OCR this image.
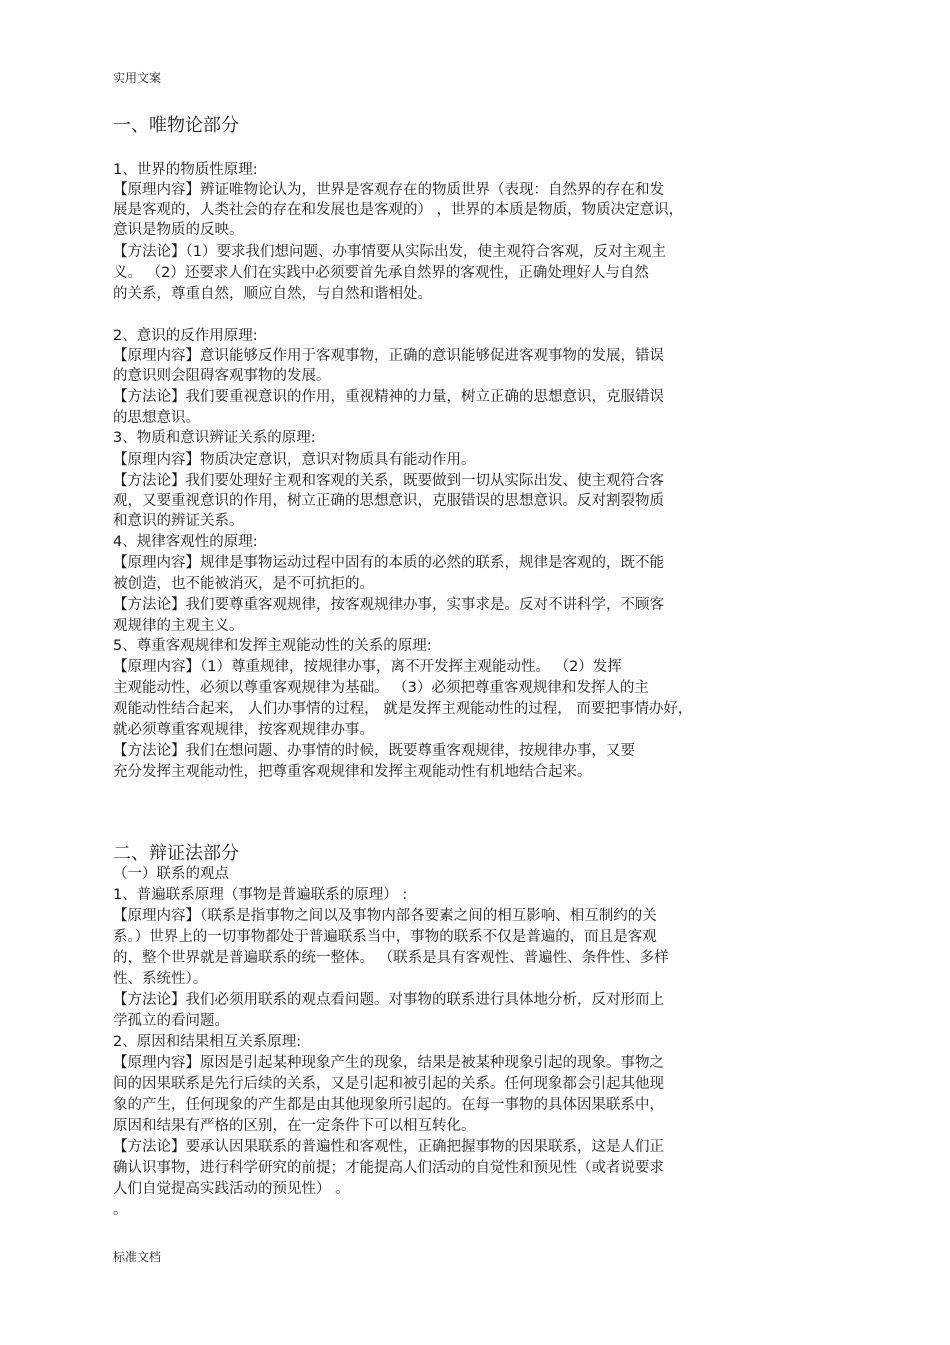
实用文案
一、唯物论部分
1、世界的物质性原理:
【原理内容】辨证唯物论认为，世界是客观存在的物质世界（表现：自然界的存在和发
展是客观的，人类社会的存在和发展也是客观的） ，世界的本质是物质，物质决定意识，
意识是物质的反映。
【方法论】（1）要求我们想问题、办事情要从实际出发，使主观符合客观，反对主观主
义。 （2）还要求人们在实践中必须要首先承自然界的客观性，正确处理好人与自然
的关系，尊重自然，顺应自然，与自然和谐相处。
2、意识的反作用原理:
【原理内容】意识能够反作用于客观事物，正确的意识能够促进客观事物的发展，错误
的意识则会阻碍客观事物的发展。
【方法论】我们要重视意识的作用，重视精神的力量，树立正确的思想意识，克服错误
的思想意识。
3、物质和意识辨证关系的原理:
【原理内容】物质决定意识，意识对物质具有能动作用。
【方法论】我们要处理好主观和客观的关系，既要做到一切从实际出发、使主观符合客
观，又要重视意识的作用，树立正确的思想意识，克服错误的思想意识。反对割裂物质
和意识的辨证关系。
4、规律客观性的原理:
【原理内容】规律是事物运动过程中固有的本质的必然的联系，规律是客观的，既不能
被创造，也不能被消灭，是不可抗拒的。
【方法论】我们要尊重客观规律，按客观规律办事，实事求是。反对不讲科学，不顾客
观规律的主观主义。
5、尊重客观规律和发挥主观能动性的关系的原理:
【原理内容】（1）尊重规律，按规律办事，离不开发挥主观能动性。 （2）发挥
主观能动性，必须以尊重客观规律为基础。 （3）必须把尊重客观规律和发挥人的主
观能动性结合起来， 人们办事情的过程， 就是发挥主观能动性的过程， 而要把事情办好，
就必须尊重客观规律，按客观规律办事。
【方法论】我们在想问题、办事情的时候，既要尊重客观规律，按规律办事，又要
充分发挥主观能动性，把尊重客观规律和发挥主观能动性有机地结合起来。
二、辩证法部分
（一）联系的观点
1、普遍联系原理（事物是普遍联系的原理） :
【原理内容】（联系是指事物之间以及事物内部各要素之间的相互影响、相互制约的关
系。）世界上的一切事物都处于普遍联系当中，事物的联系不仅是普遍的，而且是客观
的，整个世界就是普遍联系的统一整体。 （联系是具有客观性、普遍性、条件性、多样
性、系统性）。
【方法论】我们必须用联系的观点看问题。对事物的联系进行具体地分析，反对形而上
学孤立的看问题。
2、原因和结果相互关系原理:
【原理内容】原因是引起某种现象产生的现象，结果是被某种现象引起的现象。事物之
间的因果联系是先行后续的关系，又是引起和被引起的关系。任何现象都会引起其他现
象的产生，任何现象的产生都是由其他现象所引起的。在每一事物的具体因果联系中，
原因和结果有严格的区别，在一定条件下可以相互转化。
【方法论】要承认因果联系的普遍性和客观性，正确把握事物的因果联系，这是人们正
确认识事物，进行科学研究的前提；才能提高人们活动的自觉性和预见性（或者说要求
人们自觉提高实践活动的预见性） 。
。
标准文档
